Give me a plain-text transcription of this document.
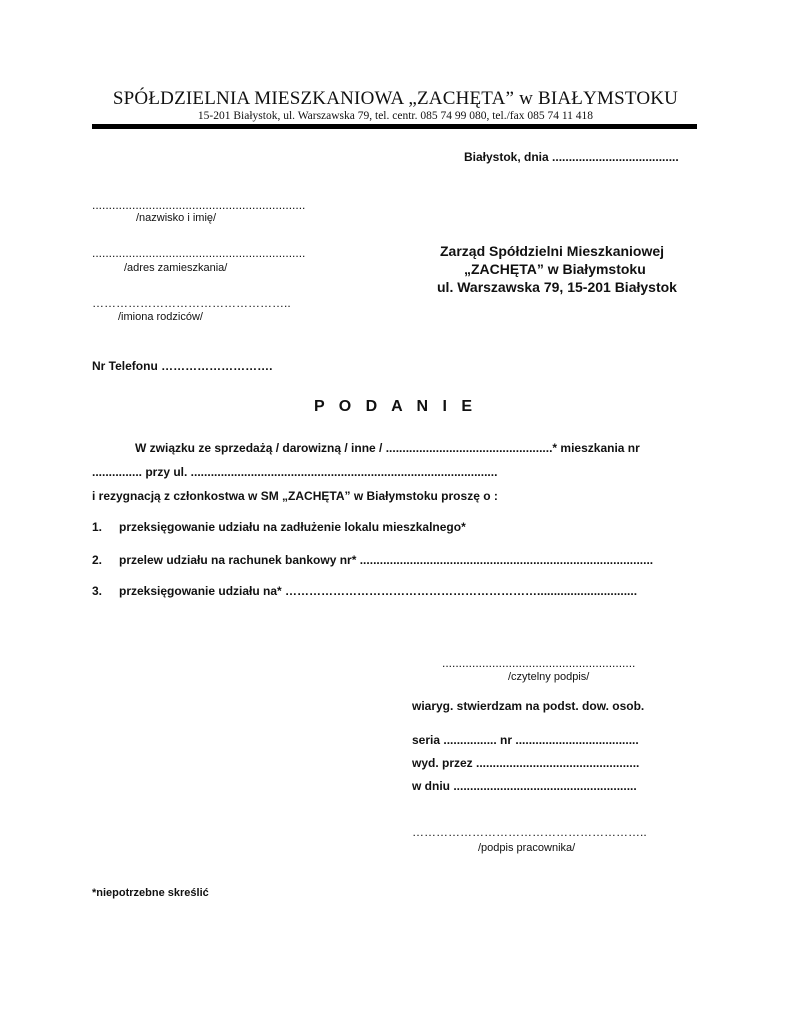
SPÓŁDZIELNIA MIESZKANIOWA „ZACHĘTA” w BIAŁYMSTOKU
15-201 Białystok, ul. Warszawska 79, tel. centr. 085 74 99 080, tel./fax 085 74 11 418
Białystok, dnia ......................................
................................................................
/nazwisko i imię/
................................................................
/adres zamieszkania/
…………………………………………..
/imiona rodziców/
Nr Telefonu ……………………….
Zarząd Spółdzielni Mieszkaniowej
„ZACHĘTA” w Białymstoku
ul. Warszawska 79, 15-201 Białystok
P O D A N I E
W związku ze sprzedażą / darowizną / inne / ..................................................* mieszkania nr
............... przy ul. ............................................................................................
i rezygnacją z członkostwa w SM „ZACHĘTA” w Białymstoku proszę o :
1. przeksięgowanie udziału na zadłużenie lokalu mieszkalnego*
2. przelew udziału na rachunek bankowy nr* ........................................................................................
3. przeksięgowanie udziału na* ………………………………………………………..............................
..........................................................
/czytelny podpis/
wiaryg. stwierdzam na podst. dow. osob.
seria ................ nr .....................................
wyd. przez .................................................
w dniu .......................................................
…………………………………………………..
/podpis pracownika/
*niepotrzebne skreślić
